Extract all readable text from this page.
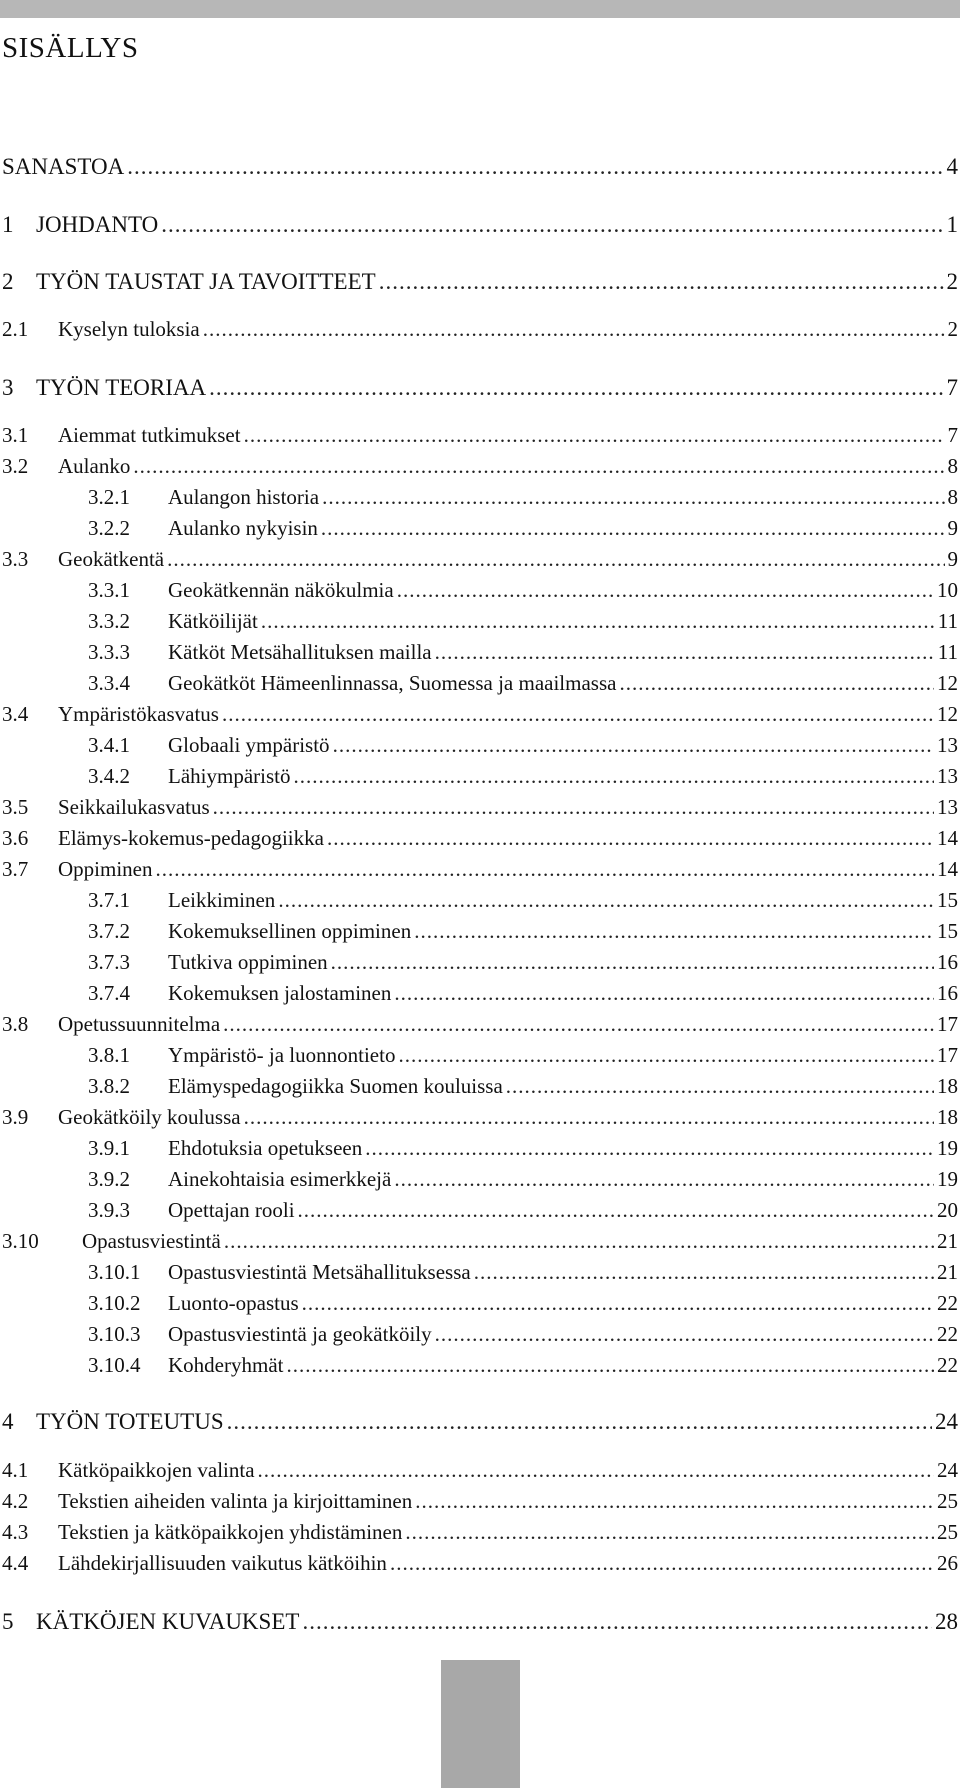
SISÄLLYS
SANASTOA .....	4
1 JOHDANTO .....	1
2 TYÖN TAUSTAT JA TAVOITTEET .....	2
2.1	Kyselyn tuloksia .....	2
3 TYÖN TEORIAA .....	7
3.1	Aiemmat tutkimukset .....	7
3.2	Aulanko .....	8
3.2.1	Aulangon historia .....	8
3.2.2	Aulanko nykyisin .....	9
3.3	Geokätkentä .....	9
3.3.1	Geokätkennän näkökulmia .....	10
3.3.2	Kätköilijät .....	11
3.3.3	Kätköt Metsähallituksen mailla .....	11
3.3.4	Geokätköt Hämeenlinnassa, Suomessa ja maailmassa .....	12
3.4	Ympäristökasvatus .....	12
3.4.1	Globaali ympäristö .....	13
3.4.2	Lähiympäristö .....	13
3.5	Seikkailukasvatus .....	13
3.6	Elämys-kokemus-pedagogiikka .....	14
3.7	Oppiminen .....	14
3.7.1	Leikkiminen .....	15
3.7.2	Kokemuksellinen oppiminen .....	15
3.7.3	Tutkiva oppiminen .....	16
3.7.4	Kokemuksen jalostaminen .....	16
3.8	Opetussuunnitelma .....	17
3.8.1	Ympäristö- ja luonnontieto .....	17
3.8.2	Elämyspedagogiikka Suomen kouluissa .....	18
3.9	Geokätköily koulussa .....	18
3.9.1	Ehdotuksia opetukseen .....	19
3.9.2	Ainekohtaisia esimerkkejä .....	19
3.9.3	Opettajan rooli .....	20
3.10	Opastusviestintä .....	21
3.10.1	Opastusviestintä Metsähallituksessa .....	21
3.10.2	Luonto-opastus .....	22
3.10.3	Opastusviestintä ja geokätköily .....	22
3.10.4	Kohderyhmät .....	22
4 TYÖN TOTEUTUS .....	24
4.1	Kätköpaikkojen valinta .....	24
4.2	Tekstien aiheiden valinta ja kirjoittaminen .....	25
4.3	Tekstien ja kätköpaikkojen yhdistäminen .....	25
4.4	Lähdekirjallisuuden vaikutus kätköihin .....	26
5 KÄTKÖJEN KUVAUKSET .....	28
